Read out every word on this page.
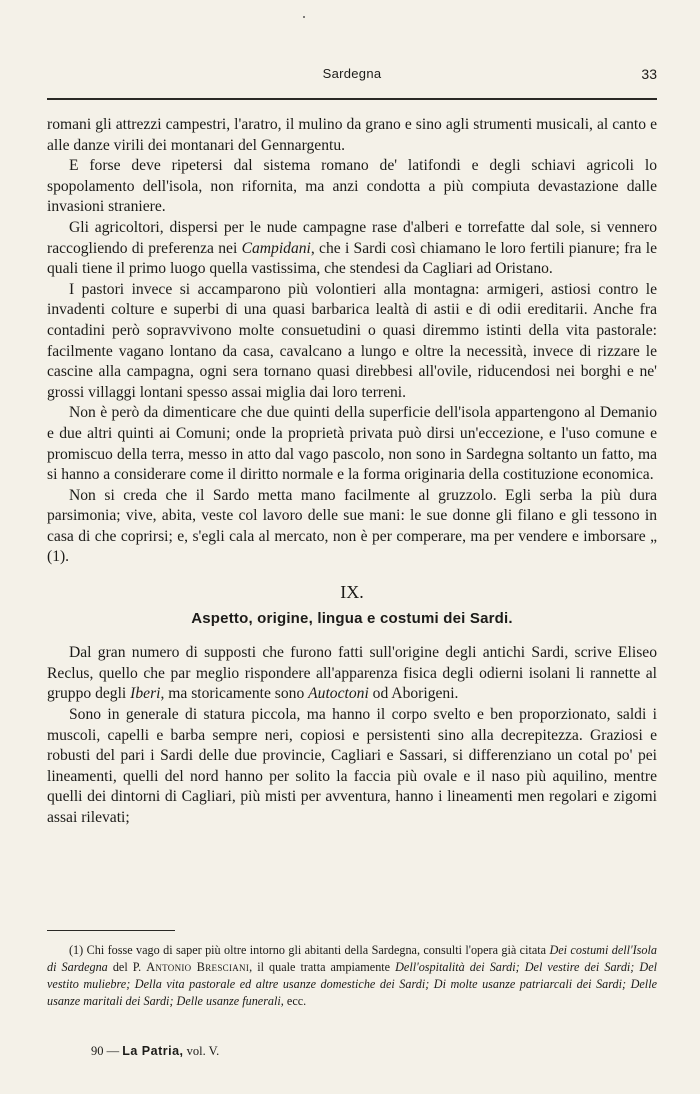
Sardegna	33

romani gli attrezzi campestri, l'aratro, il mulino da grano e sino agli strumenti musicali, al canto e alle danze virili dei montanari del Gennargentu.

E forse deve ripetersi dal sistema romano de' latifondi e degli schiavi agricoli lo spopolamento dell'isola, non rifornita, ma anzi condotta a più compiuta devastazione dalle invasioni straniere.

Gli agricoltori, dispersi per le nude campagne rase d'alberi e torrefatte dal sole, si vennero raccogliendo di preferenza nei Campidani, che i Sardi così chiamano le loro fertili pianure; fra le quali tiene il primo luogo quella vastissima, che stendesi da Cagliari ad Oristano.

I pastori invece si accamparono più volontieri alla montagna: armigeri, astiosi contro le invadenti colture e superbi di una quasi barbarica lealtà di astii e di odii ereditarii. Anche fra contadini però sopravvivono molte consuetudini o quasi diremmo istinti della vita pastorale: facilmente vagano lontano da casa, cavalcano a lungo e oltre la necessità, invece di rizzare le cascine alla campagna, ogni sera tornano quasi direbbesi all'ovile, riducendosi nei borghi e ne' grossi villaggi lontani spesso assai miglia dai loro terreni.

Non è però da dimenticare che due quinti della superficie dell'isola appartengono al Demanio e due altri quinti ai Comuni; onde la proprietà privata può dirsi un'eccezione, e l'uso comune e promiscuo della terra, messo in atto dal vago pascolo, non sono in Sardegna soltanto un fatto, ma si hanno a considerare come il diritto normale e la forma originaria della costituzione economica.

Non si creda che il Sardo metta mano facilmente al gruzzolo. Egli serba la più dura parsimonia; vive, abita, veste col lavoro delle sue mani: le sue donne gli filano e gli tessono in casa di che coprirsi; e, s'egli cala al mercato, non è per comperare, ma per vendere e imborsare „ (1).

IX.
Aspetto, origine, lingua e costumi dei Sardi.

Dal gran numero di supposti che furono fatti sull'origine degli antichi Sardi, scrive Eliseo Reclus, quello che par meglio rispondere all'apparenza fisica degli odierni isolani li rannette al gruppo degli Iberi, ma storicamente sono Autoctoni od Aborigeni.

Sono in generale di statura piccola, ma hanno il corpo svelto e ben proporzionato, saldi i muscoli, capelli e barba sempre neri, copiosi e persistenti sino alla decrepitezza. Graziosi e robusti del pari i Sardi delle due provincie, Cagliari e Sassari, si differenziano un cotal po' pei lineamenti, quelli del nord hanno per solito la faccia più ovale e il naso più aquilino, mentre quelli dei dintorni di Cagliari, più misti per avventura, hanno i lineamenti men regolari e zigomi assai rilevati;

(1) Chi fosse vago di saper più oltre intorno gli abitanti della Sardegna, consulti l'opera già citata Dei costumi dell'Isola di Sardegna del P. Antonio Bresciani, il quale tratta ampiamente Dell'ospitalità dei Sardi; Del vestire dei Sardi; Del vestito muliebre; Della vita pastorale ed altre usanze domestiche dei Sardi; Di molte usanze patriarcali dei Sardi; Delle usanze maritali dei Sardi; Delle usanze funerali, ecc.
90 — La Patria, vol. V.
